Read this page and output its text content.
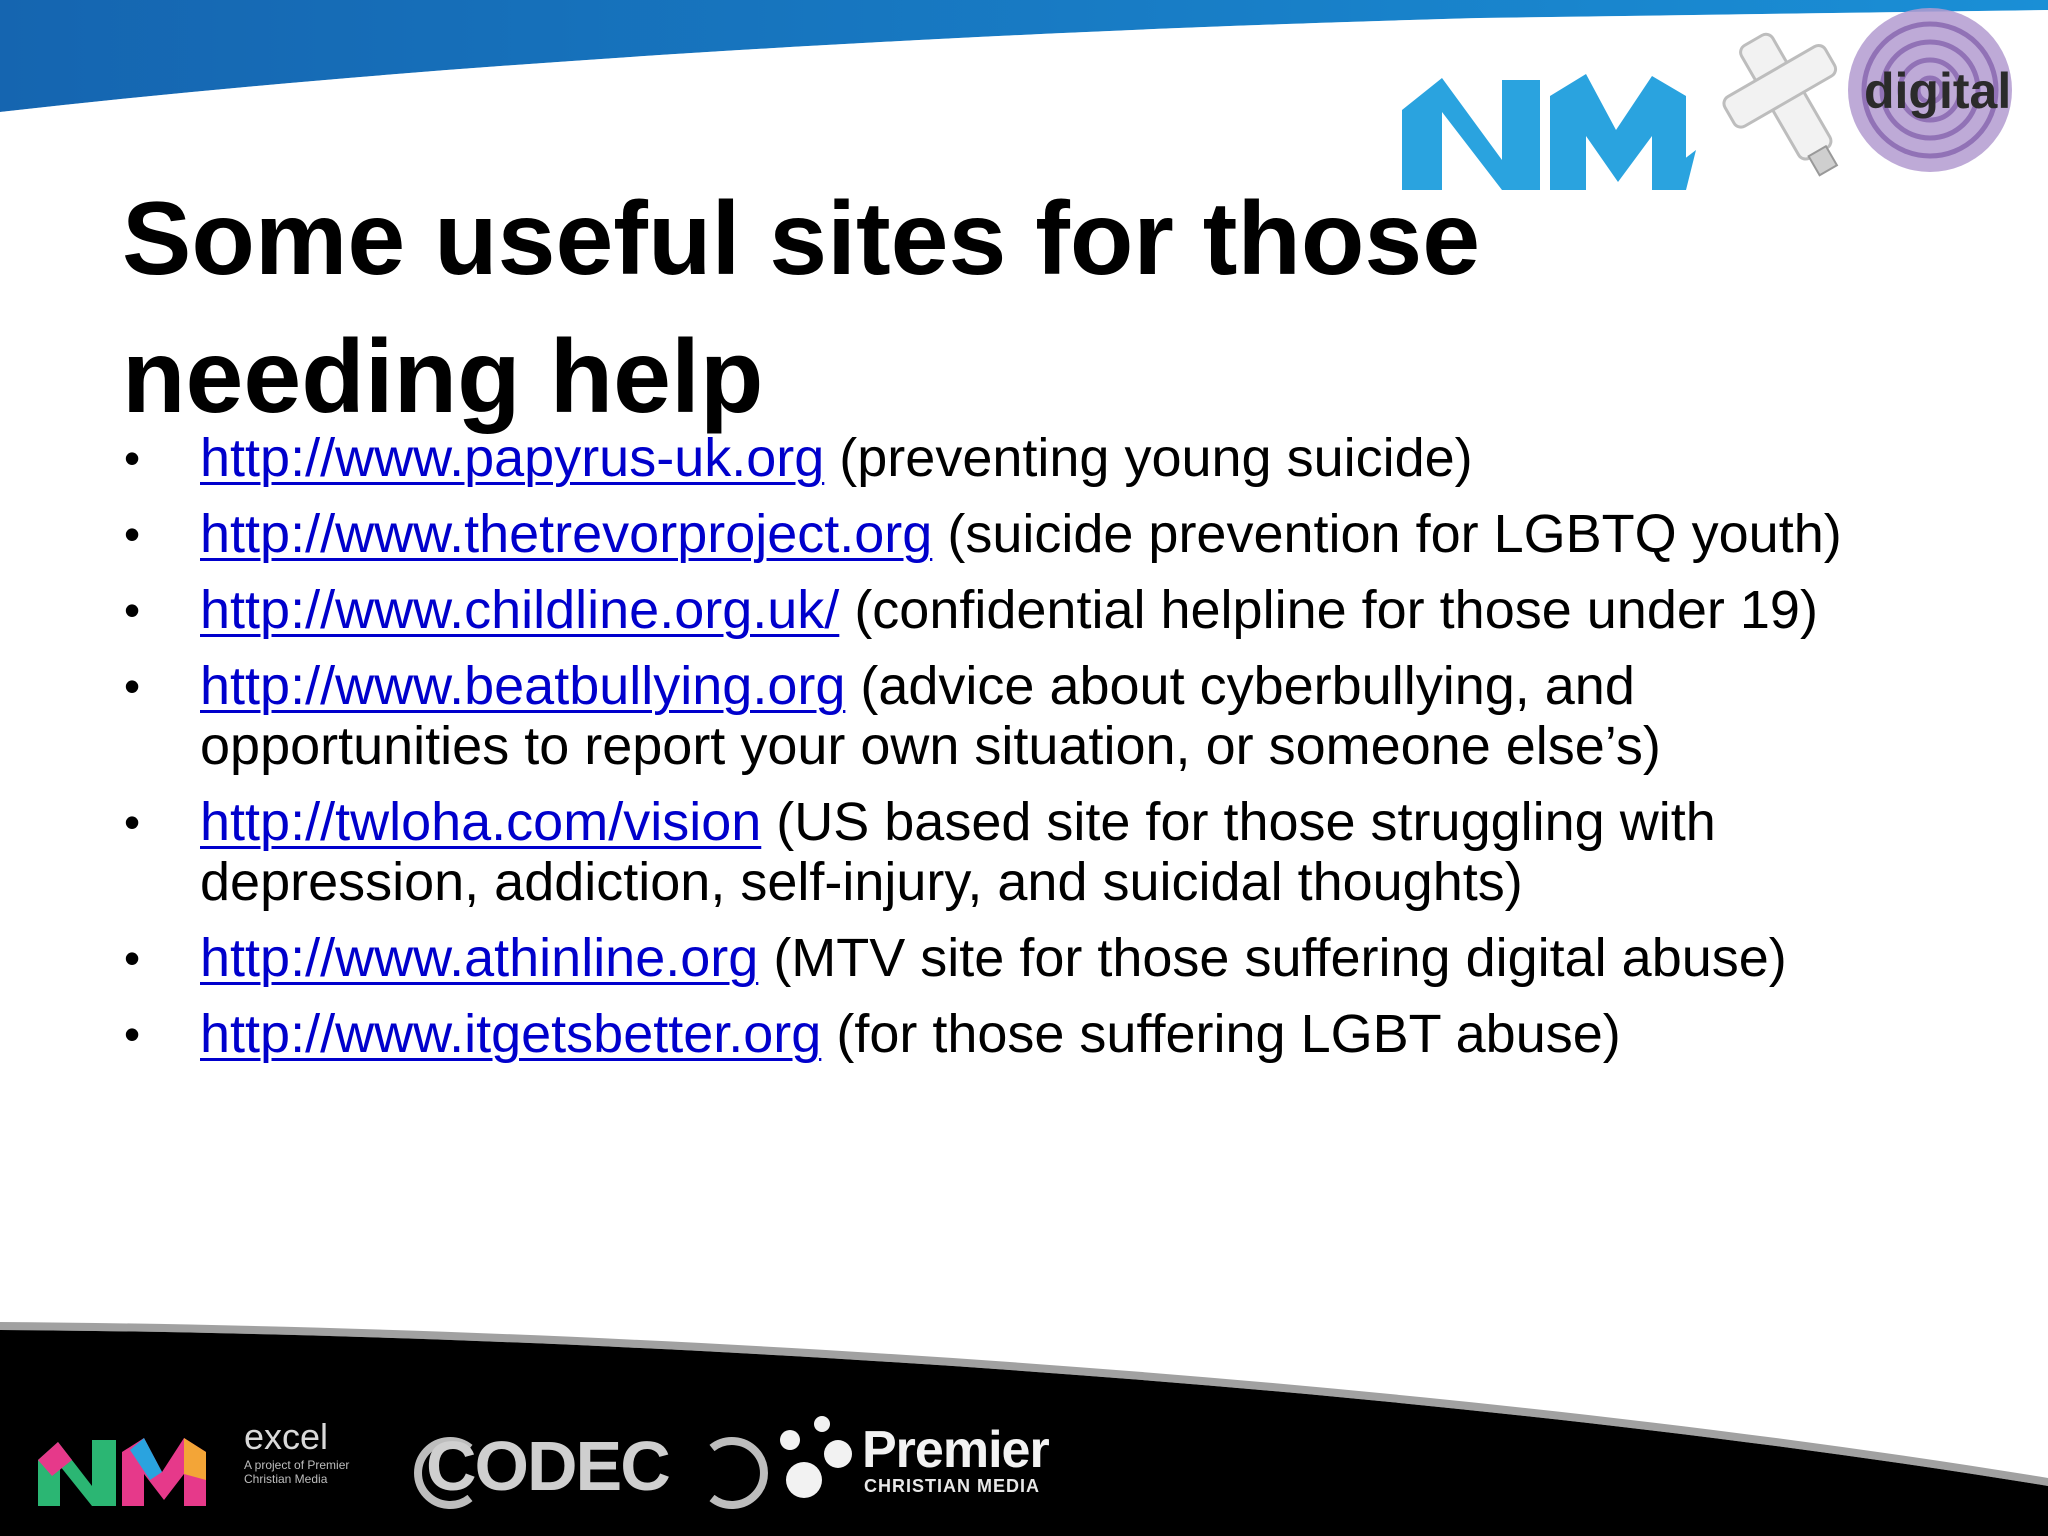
digital
Some useful sites for those needing help
• http://www.papyrus-uk.org (preventing young suicide)
• http://www.thetrevorproject.org (suicide prevention for LGBTQ youth)
• http://www.childline.org.uk/ (confidential helpline for those under 19)
• http://www.beatbullying.org (advice about cyberbullying, and opportunities to report your own situation, or someone else’s)
• http://twloha.com/vision (US based site for those struggling with depression, addiction, self-injury, and suicidal thoughts)
• http://www.athinline.org (MTV site for those suffering digital abuse)
• http://www.itgetsbetter.org (for those suffering LGBT abuse)
excel
A project of Premier Christian Media	CODEC	Premier
CHRISTIAN MEDIA
